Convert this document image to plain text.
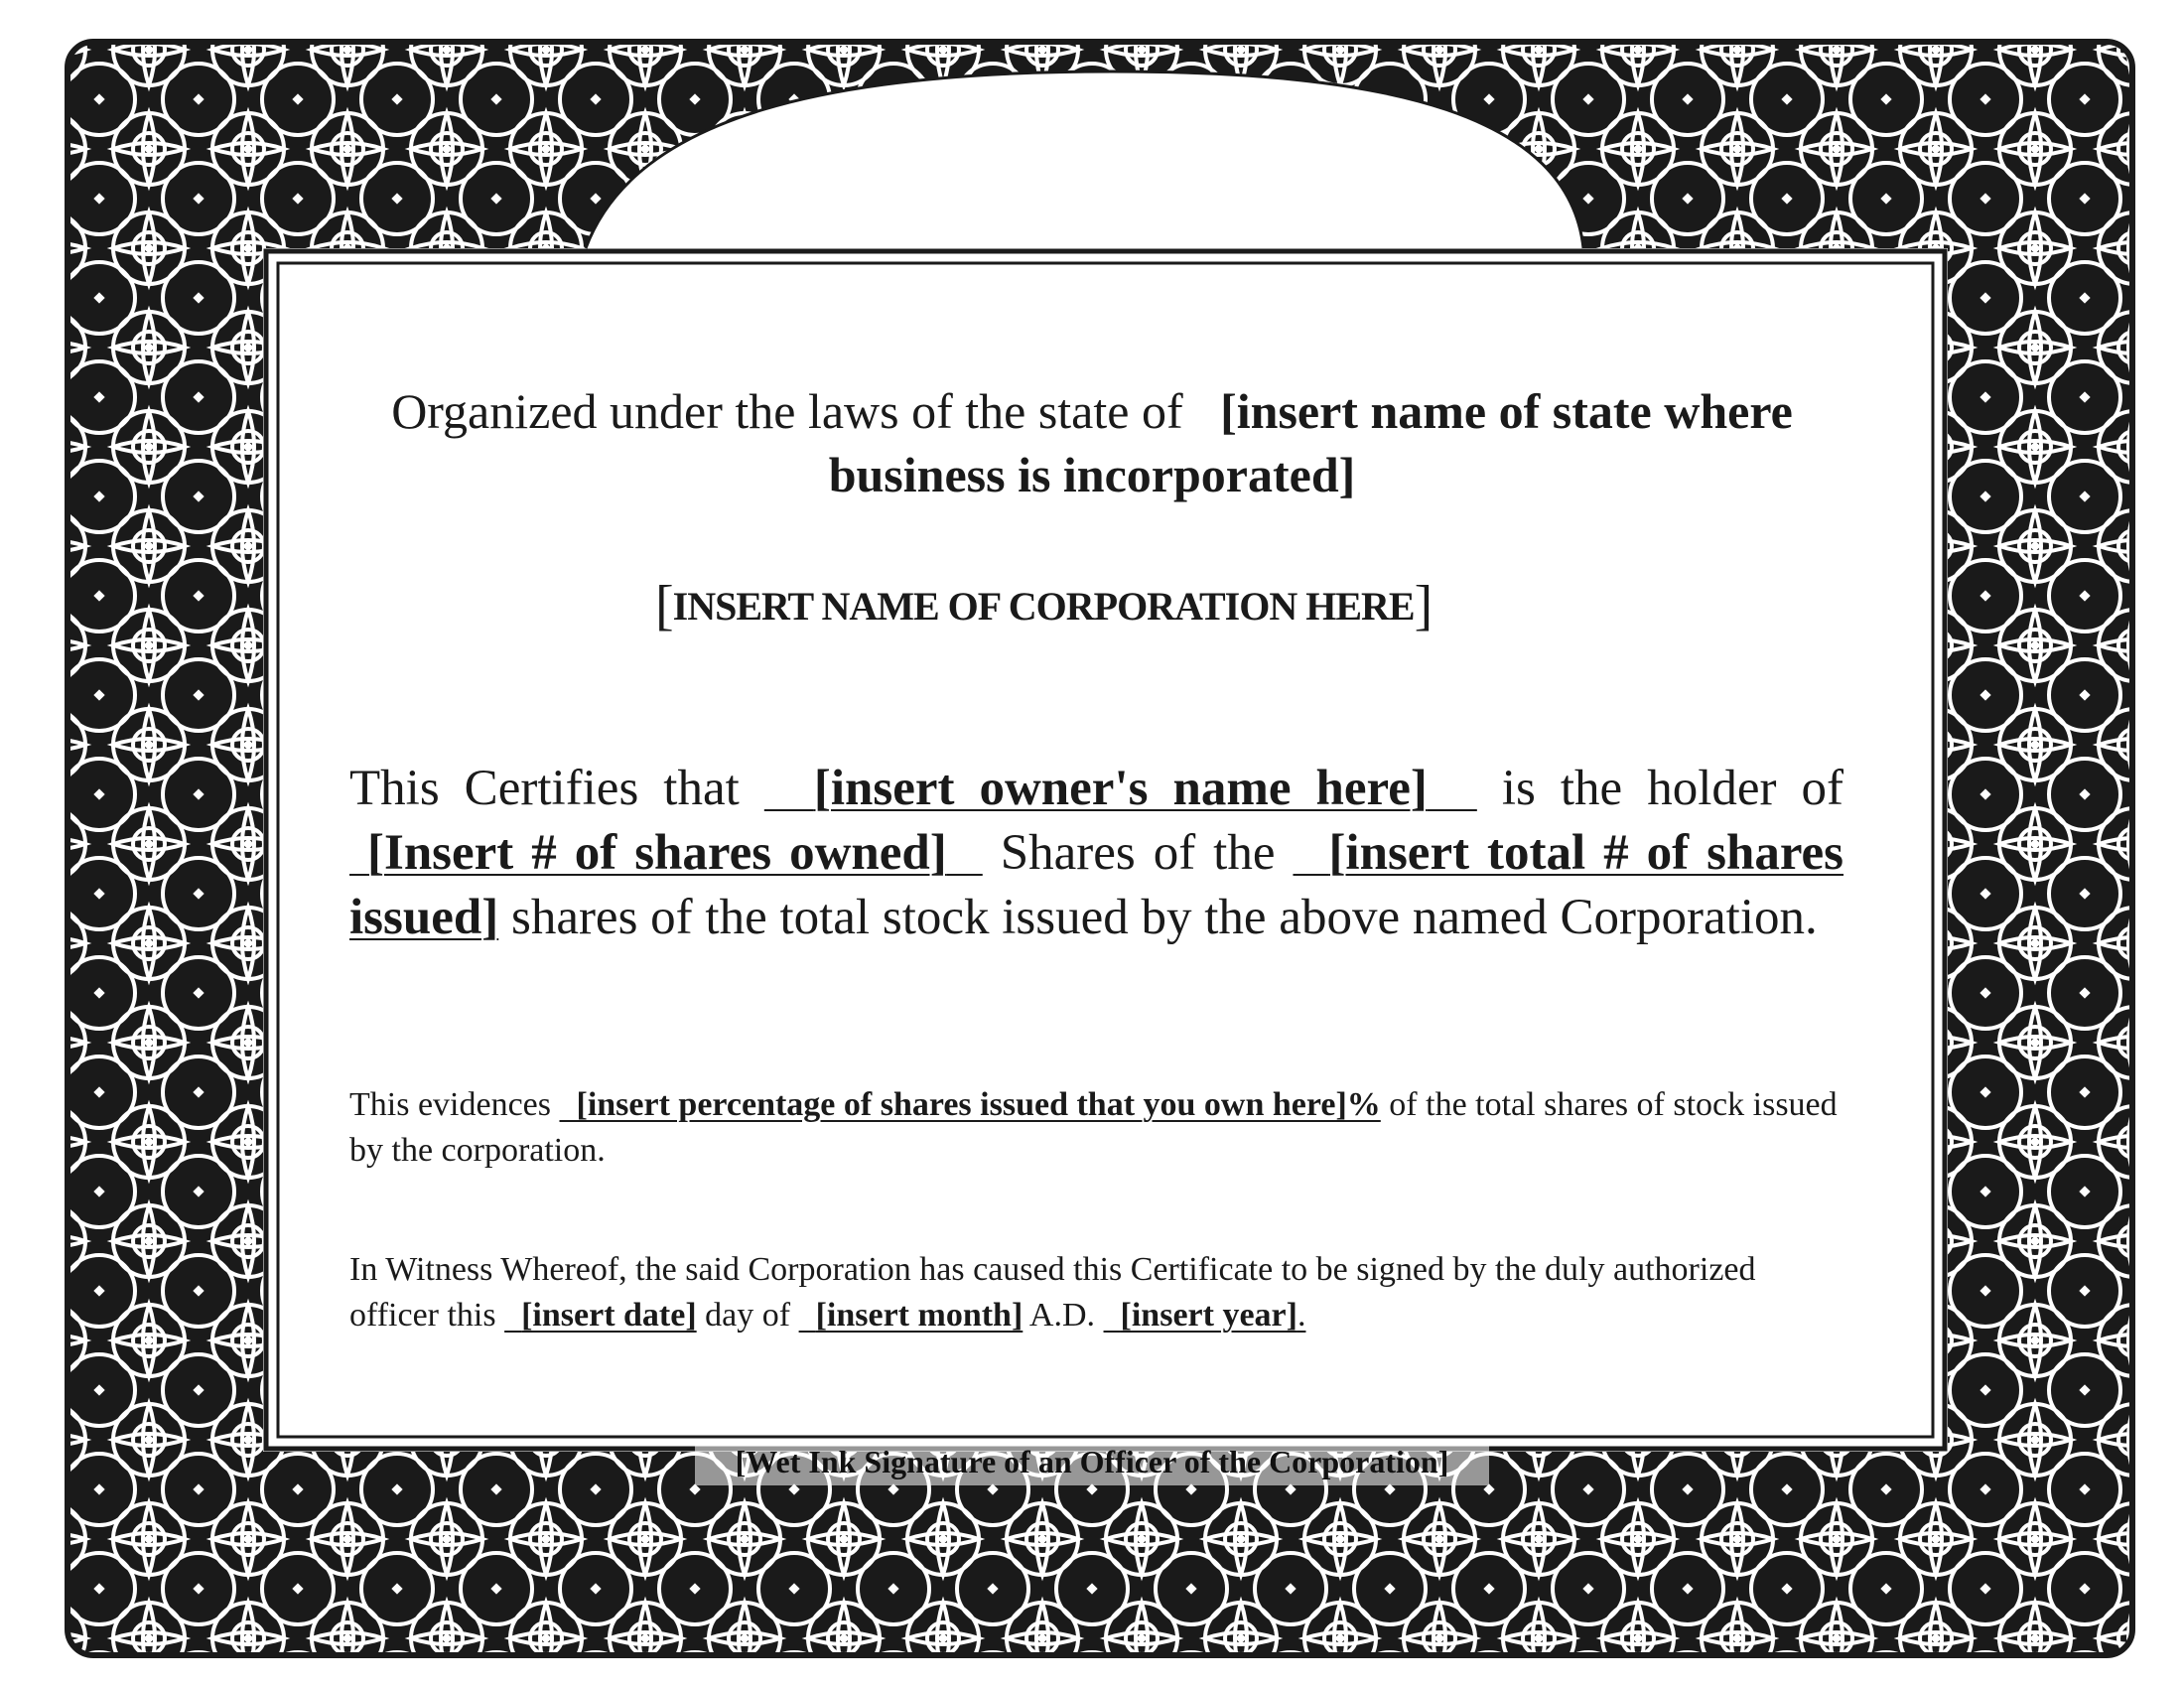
Organized under the laws of the state of [insert name of state where business is incorporated]

[INSERT NAME OF CORPORATION HERE]

This Certifies that [insert owner's name here] is the holder of  [Insert # of shares owned] Shares of the [insert total # of shares issued] shares of the total stock issued by the above named Corporation.

This evidences [insert percentage of shares issued that you own here]% of the total shares of stock issued by the corporation.

In Witness Whereof, the said Corporation has caused this Certificate to be signed by the duly authorized officer this [insert date] day of [insert month] A.D. [insert year].

[Wet Ink Signature of an Officer of the Corporation]
